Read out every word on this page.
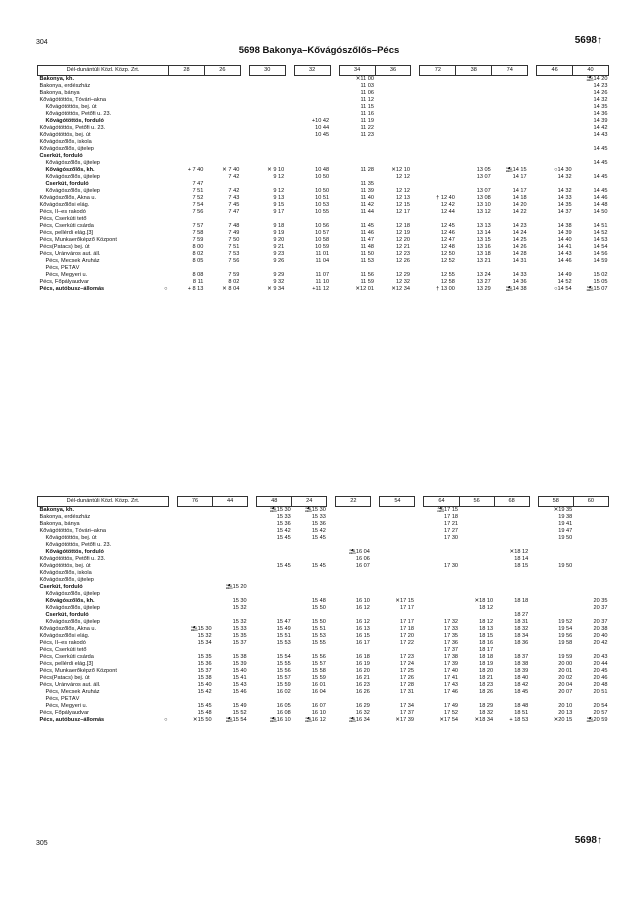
304	5698↑
5698 Bakonya–Kővágószőlős–Pécs
Dél-dunántúli Közl. Közp. Zrt.	28	26		30		32		34	36		72	38	74		46	40
Bakonya, kh.								✕11 00								⛱14 20
Bakonya, erdészház								11 03								14 23
Bakonya, bánya								11 06								14 26
Kővágótöttös, Tóvári–akna								11 12								14 32
Kővágótöttös, bej. út								11 15								14 35
Kővágótöttös, Petőfi u. 23.								11 16								14 36
Kővágótöttös, forduló						+10 42		11 19								14 39
Kővágótöttös, Petőfi u. 23.						10 44		11 22								14 42
Kővágótöttös, bej. út						10 45		11 23								14 43
Kővágószőlős, iskola																
Kővágószőlős, újtelep																14 45
Cserkút, forduló																
Kővágószőlős, újtelep																14 45
Kővágószőlős, kh.	+ 7 40	✕ 7 40		✕ 9 10		10 48		11 28	✕12 10			13 05	⛱14 15		○14 30	
Kővágószőlős, újtelep		7 42		9 12		10 50			12 12			13 07	14 17		14 32	14 45
Cserkút, forduló	7 47							11 35								
Kővágószőlős, újtelep	7 51	7 42		9 12		10 50		11 39	12 12			13 07	14 17		14 32	14 45
Kővágószőlős, Akna u.	7 52	7 43		9 13		10 51		11 40	12 13		† 12 40	13 08	14 18		14 33	14 46
Kővágószőlősi elág.	7 54	7 45		9 15		10 53		11 42	12 15		12 42	13 10	14 20		14 35	14 48
Pécs, II–es rakodó	7 56	7 47		9 17		10 55		11 44	12 17		12 44	13 12	14 22		14 37	14 50
Pécs, Cserkúti tető																
Pécs, Cserkúti csárda	7 57	7 48		9 18		10 56		11 45	12 18		12 45	13 13	14 23		14 38	14 51
Pécs, pellérdi elág.[3]	7 58	7 49		9 19		10 57		11 46	12 19		12 46	13 14	14 24		14 39	14 52
Pécs, Munkaerőképző Központ	7 59	7 50		9 20		10 58		11 47	12 20		12 47	13 15	14 25		14 40	14 53
Pécs(Patacs) bej. út	8 00	7 51		9 21		10 59		11 48	12 21		12 48	13 16	14 26		14 41	14 54
Pécs, Uránváros aut. áll.	8 02	7 53		9 23		11 01		11 50	12 23		12 50	13 18	14 28		14 43	14 56
Pécs, Mecsek Áruház	8 05	7 56		9 26		11 04		11 53	12 26		12 52	13 21	14 31		14 46	14 59
Pécs, PÉTÁV																
Pécs, Megyeri u.	8 08	7 59		9 29		11 07		11 56	12 29		12 55	13 24	14 33		14 49	15 02
Pécs, Főpályaudvar	8 11	8 02		9 32		11 10		11 59	12 32		12 58	13 27	14 36		14 52	15 05
Pécs, autóbusz–állomás ○	+ 8 13	✕ 8 04		✕ 9 34		+11 12		✕12 01	✕12 34		† 13 00	13 29	⛱14 38		○14 54	⛱15 07
Dél-dunántúli Közl. Közp. Zrt.		76	44		48	24		22		54		64	56	68		58	60
Bakonya, kh.					⛱15 30	⛱15 30						⛱17 15				✕19 35	
Bakonya, erdészház					15 33	15 33						17 18				19 38	
Bakonya, bánya					15 36	15 36						17 21				19 41	
Kővágótöttös, Tóvári–akna					15 42	15 42						17 27				19 47	
Kővágótöttös, bej. út					15 45	15 45						17 30				19 50	
Kővágótöttös, Petőfi u. 23.																	
Kővágótöttös, forduló								⛱16 04						✕18 12			
Kővágótöttös, Petőfi u. 23.								16 06						18 14			
Kővágótöttös, bej. út					15 45	15 45		16 07				17 30		18 15		19 50	
Kővágószőlős, iskola																	
Kővágószőlős, újtelep																	
Cserkút, forduló			⛱15 20														
Kővágószőlős, újtelep																	
Kővágószőlős, kh.			15 30			15 48		16 10		✕17 15			✕18 10	18 18			20 35
Kővágószőlős, újtelep			15 32			15 50		16 12		17 17			18 12				20 37
Cserkút, forduló														18 27			
Kővágószőlős, újtelep			15 32		15 47	15 50		16 12		17 17		17 32	18 12	18 31		19 52	20 37
Kővágószőlős, Akna u.		⛱15 30	15 33		15 49	15 51		16 13		17 18		17 33	18 13	18 32		19 54	20 38
Kővágószőlősi elág.		15 32	15 35		15 51	15 53		16 15		17 20		17 35	18 15	18 34		19 56	20 40
Pécs, II–es rakodó		15 34	15 37		15 53	15 55		16 17		17 22		17 36	18 16	18 36		19 58	20 42
Pécs, Cserkúti tető												17 37	18 17				
Pécs, Cserkúti csárda		15 35	15 38		15 54	15 56		16 18		17 23		17 38	18 18	18 37		19 59	20 43
Pécs, pellérdi elág.[3]		15 36	15 39		15 55	15 57		16 19		17 24		17 39	18 19	18 38		20 00	20 44
Pécs, Munkaerőképző Központ		15 37	15 40		15 56	15 58		16 20		17 25		17 40	18 20	18 39		20 01	20 45
Pécs(Patacs) bej. út		15 38	15 41		15 57	15 59		16 21		17 26		17 41	18 21	18 40		20 02	20 46
Pécs, Uránváros aut. áll.		15 40	15 43		15 59	16 01		16 23		17 28		17 43	18 23	18 42		20 04	20 48
Pécs, Mecsek Áruház		15 42	15 46		16 02	16 04		16 26		17 31		17 46	18 26	18 45		20 07	20 51
Pécs, PÉTÁV																	
Pécs, Megyeri u.		15 45	15 49		16 05	16 07		16 29		17 34		17 49	18 29	18 48		20 10	20 54
Pécs, Főpályaudvar		15 48	15 52		16 08	16 10		16 32		17 37		17 52	18 32	18 51		20 13	20 57
Pécs, autóbusz–állomás ○		✕15 50	⛱15 54		⛱16 10	⛱16 12		⛱16 34		✕17 39		✕17 54	✕18 34	+ 18 53		✕20 15	⛱20 59
305	5698↑
